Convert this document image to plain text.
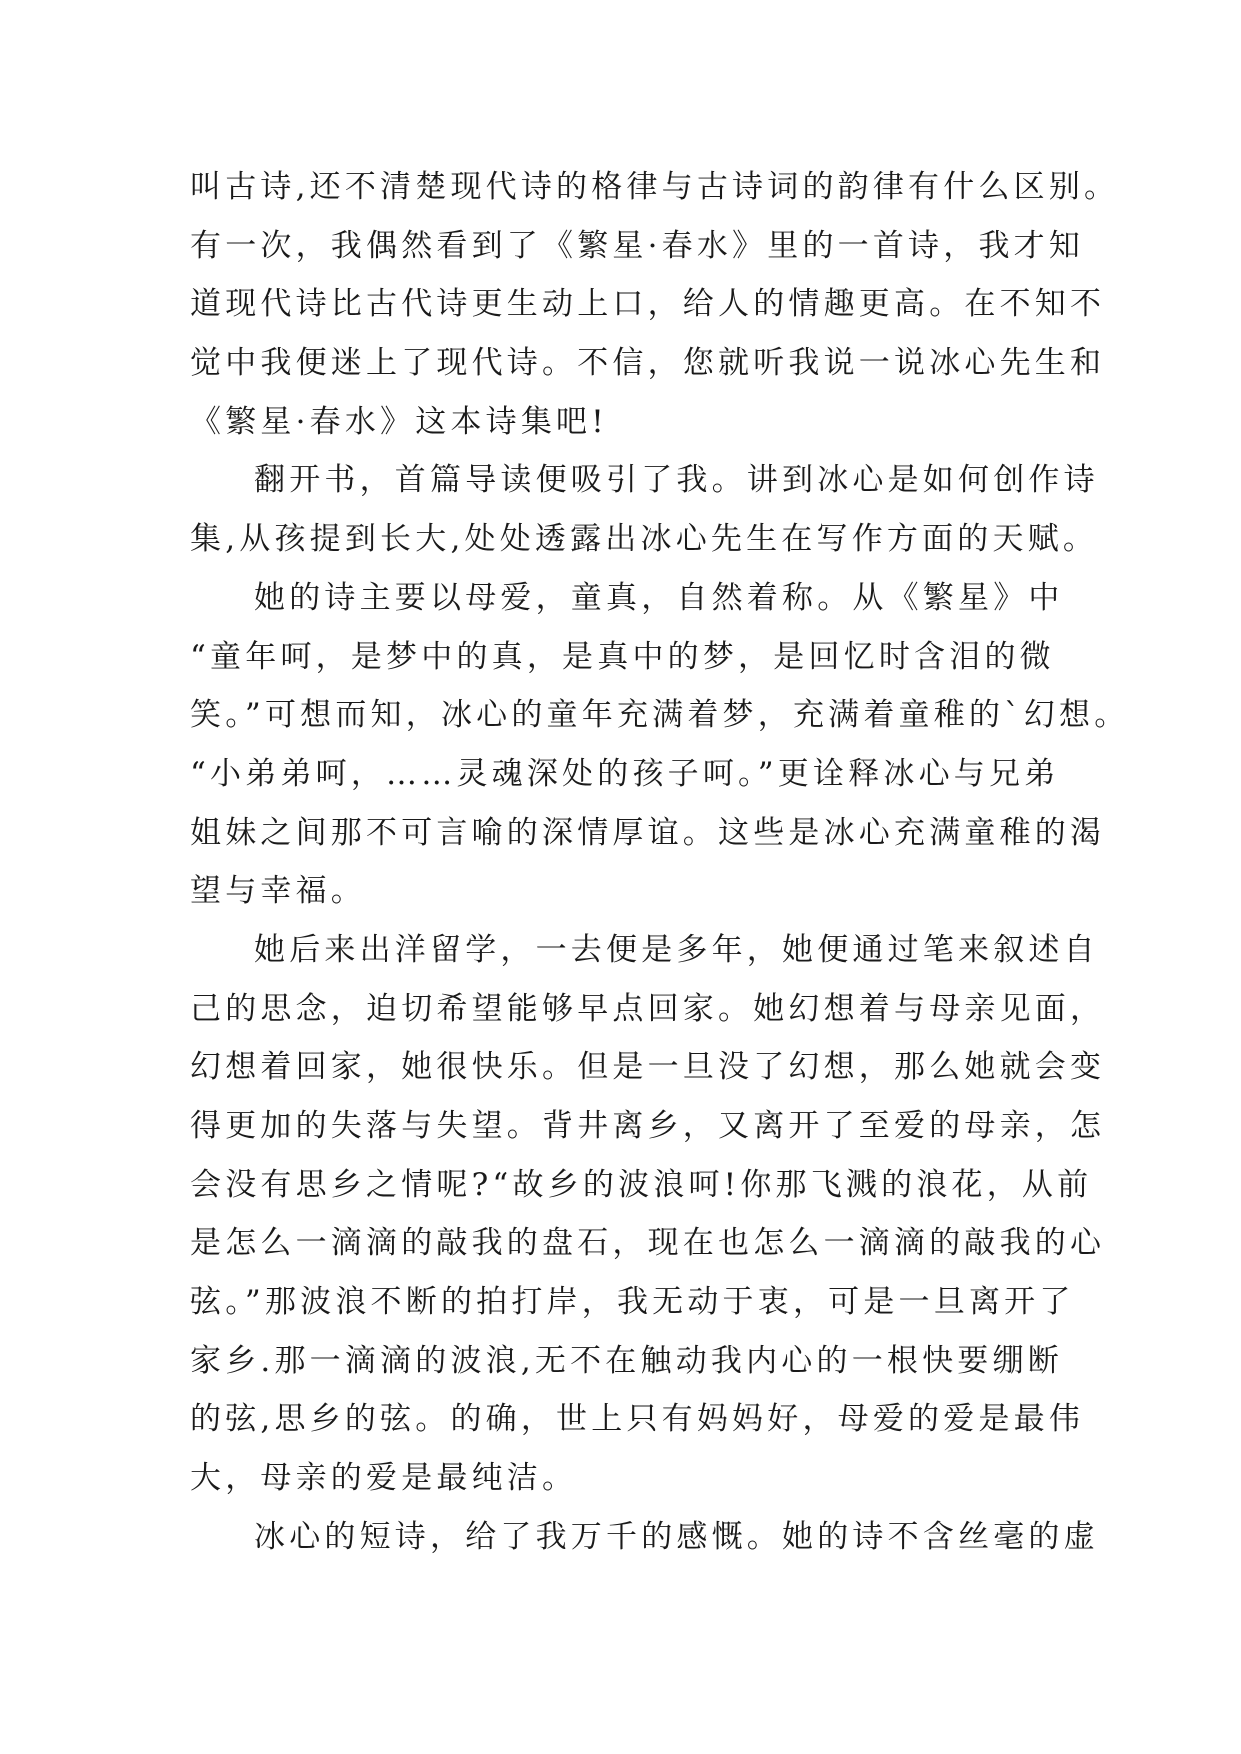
叫古诗,还不清楚现代诗的格律与古诗词的韵律有什么区别。
有一次，我偶然看到了《繁星·春水》里的一首诗，我才知
道现代诗比古代诗更生动上口，给人的情趣更高。在不知不
觉中我便迷上了现代诗。不信，您就听我说一说冰心先生和
《繁星·春水》这本诗集吧!
翻开书，首篇导读便吸引了我。讲到冰心是如何创作诗
集,从孩提到长大,处处透露出冰心先生在写作方面的天赋。
她的诗主要以母爱，童真，自然着称。从《繁星》中
“童年呵，是梦中的真，是真中的梦，是回忆时含泪的微
笑。”可想而知，冰心的童年充满着梦，充满着童稚的`幻想。
“小弟弟呵，……灵魂深处的孩子呵。”更诠释冰心与兄弟
姐妹之间那不可言喻的深情厚谊。这些是冰心充满童稚的渴
望与幸福。
她后来出洋留学，一去便是多年，她便通过笔来叙述自
己的思念，迫切希望能够早点回家。她幻想着与母亲见面，
幻想着回家，她很快乐。但是一旦没了幻想，那么她就会变
得更加的失落与失望。背井离乡，又离开了至爱的母亲，怎
会没有思乡之情呢?“故乡的波浪呵!你那飞溅的浪花，从前
是怎么一滴滴的敲我的盘石，现在也怎么一滴滴的敲我的心
弦。”那波浪不断的拍打岸，我无动于衷，可是一旦离开了
家乡.那一滴滴的波浪,无不在触动我内心的一根快要绷断
的弦,思乡的弦。的确，世上只有妈妈好，母爱的爱是最伟
大，母亲的爱是最纯洁。
冰心的短诗，给了我万千的感慨。她的诗不含丝毫的虚
